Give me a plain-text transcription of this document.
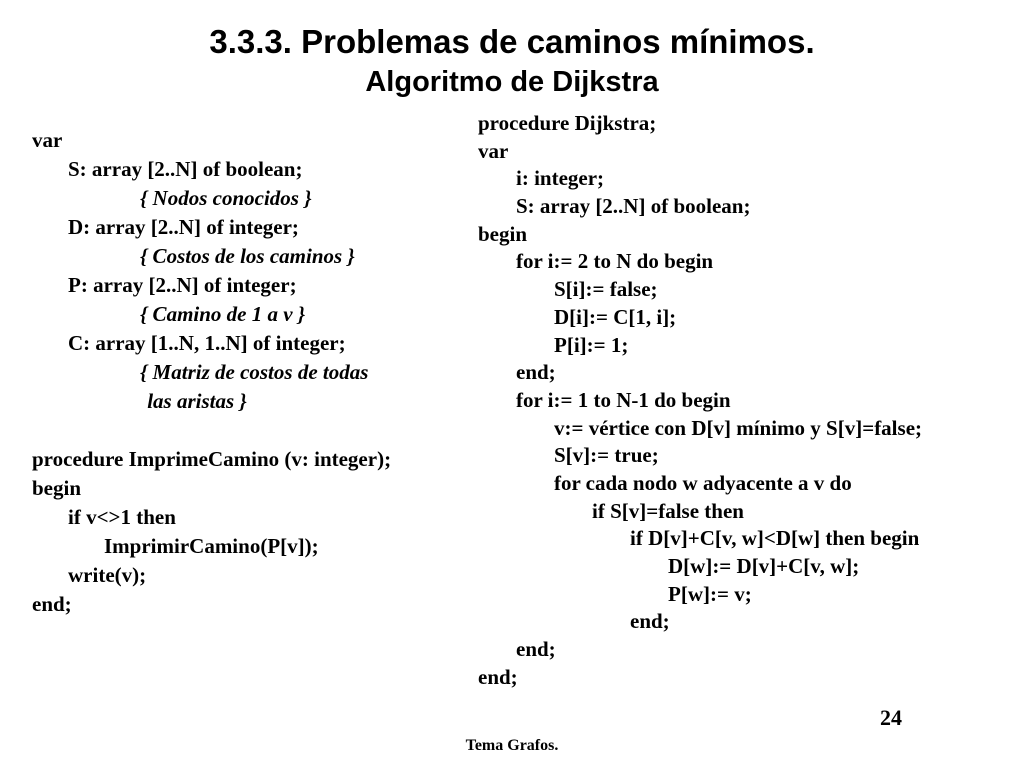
3.3.3. Problemas de caminos mínimos.
Algoritmo de Dijkstra
var
S: array [2..N] of boolean;
{ Nodos conocidos }
D: array [2..N] of integer;
{ Costos de los caminos }
P: array [2..N] of integer;
{ Camino de 1 a v }
C: array [1..N, 1..N] of integer;
{ Matriz de costos de todas
las aristas }
procedure ImprimeCamino (v: integer);
begin
if v<>1 then
ImprimirCamino(P[v]);
write(v);
end;
procedure Dijkstra;
var
i: integer;
S: array [2..N] of boolean;
begin
for i:= 2 to N do begin
S[i]:= false;
D[i]:= C[1, i];
P[i]:= 1;
end;
for i:= 1 to N-1 do begin
v:= vértice con D[v] mínimo y S[v]=false;
S[v]:= true;
for cada nodo w adyacente a v do
if S[v]=false then
if D[v]+C[v, w]<D[w] then begin
D[w]:= D[v]+C[v, w];
P[w]:= v;
end;
end;
end;
24
Tema Grafos.
